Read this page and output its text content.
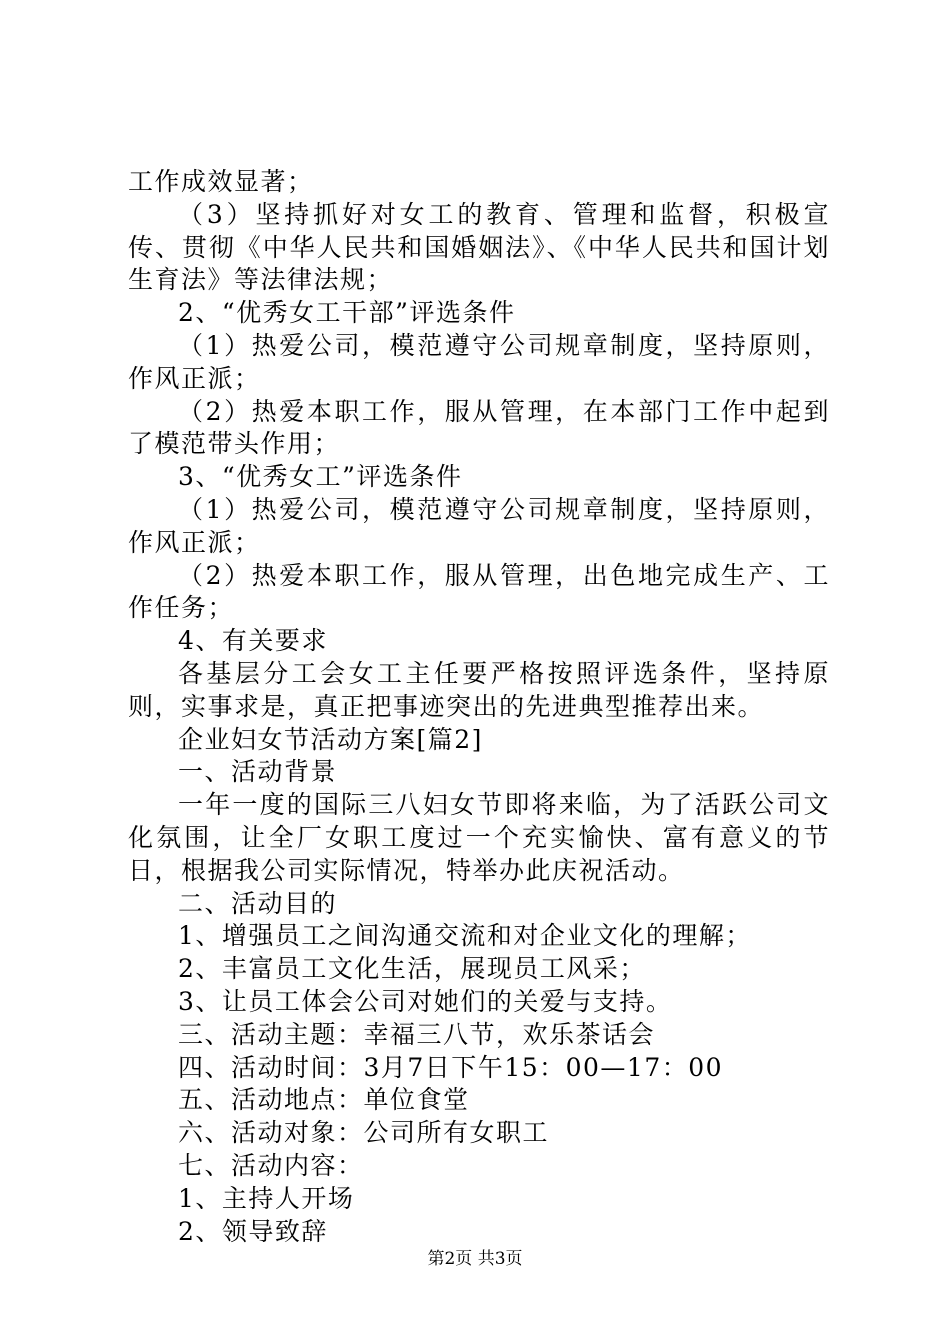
工作成效显著；

（3）坚持抓好对女工的教育、管理和监督，积极宣传、贯彻《中华人民共和国婚姻法》、《中华人民共和国计划生育法》等法律法规；

2、“优秀女工干部”评选条件

（1）热爱公司，模范遵守公司规章制度，坚持原则，作风正派；

（2）热爱本职工作，服从管理，在本部门工作中起到了模范带头作用；

3、“优秀女工”评选条件

（1）热爱公司，模范遵守公司规章制度，坚持原则，作风正派；

（2）热爱本职工作，服从管理，出色地完成生产、工作任务；

4、有关要求

各基层分工会女工主任要严格按照评选条件，坚持原则，实事求是，真正把事迹突出的先进典型推荐出来。

企业妇女节活动方案[篇2]

一、活动背景

一年一度的国际三八妇女节即将来临，为了活跃公司文化氛围，让全厂女职工度过一个充实愉快、富有意义的节日，根据我公司实际情况，特举办此庆祝活动。

二、活动目的

1、增强员工之间沟通交流和对企业文化的理解；

2、丰富员工文化生活，展现员工风采；

3、让员工体会公司对她们的关爱与支持。

三、活动主题：幸福三八节，欢乐茶话会

四、活动时间：3月7日下午15：00—17：00

五、活动地点：单位食堂

六、活动对象：公司所有女职工

七、活动内容：

1、主持人开场

2、领导致辞

第2页 共3页
